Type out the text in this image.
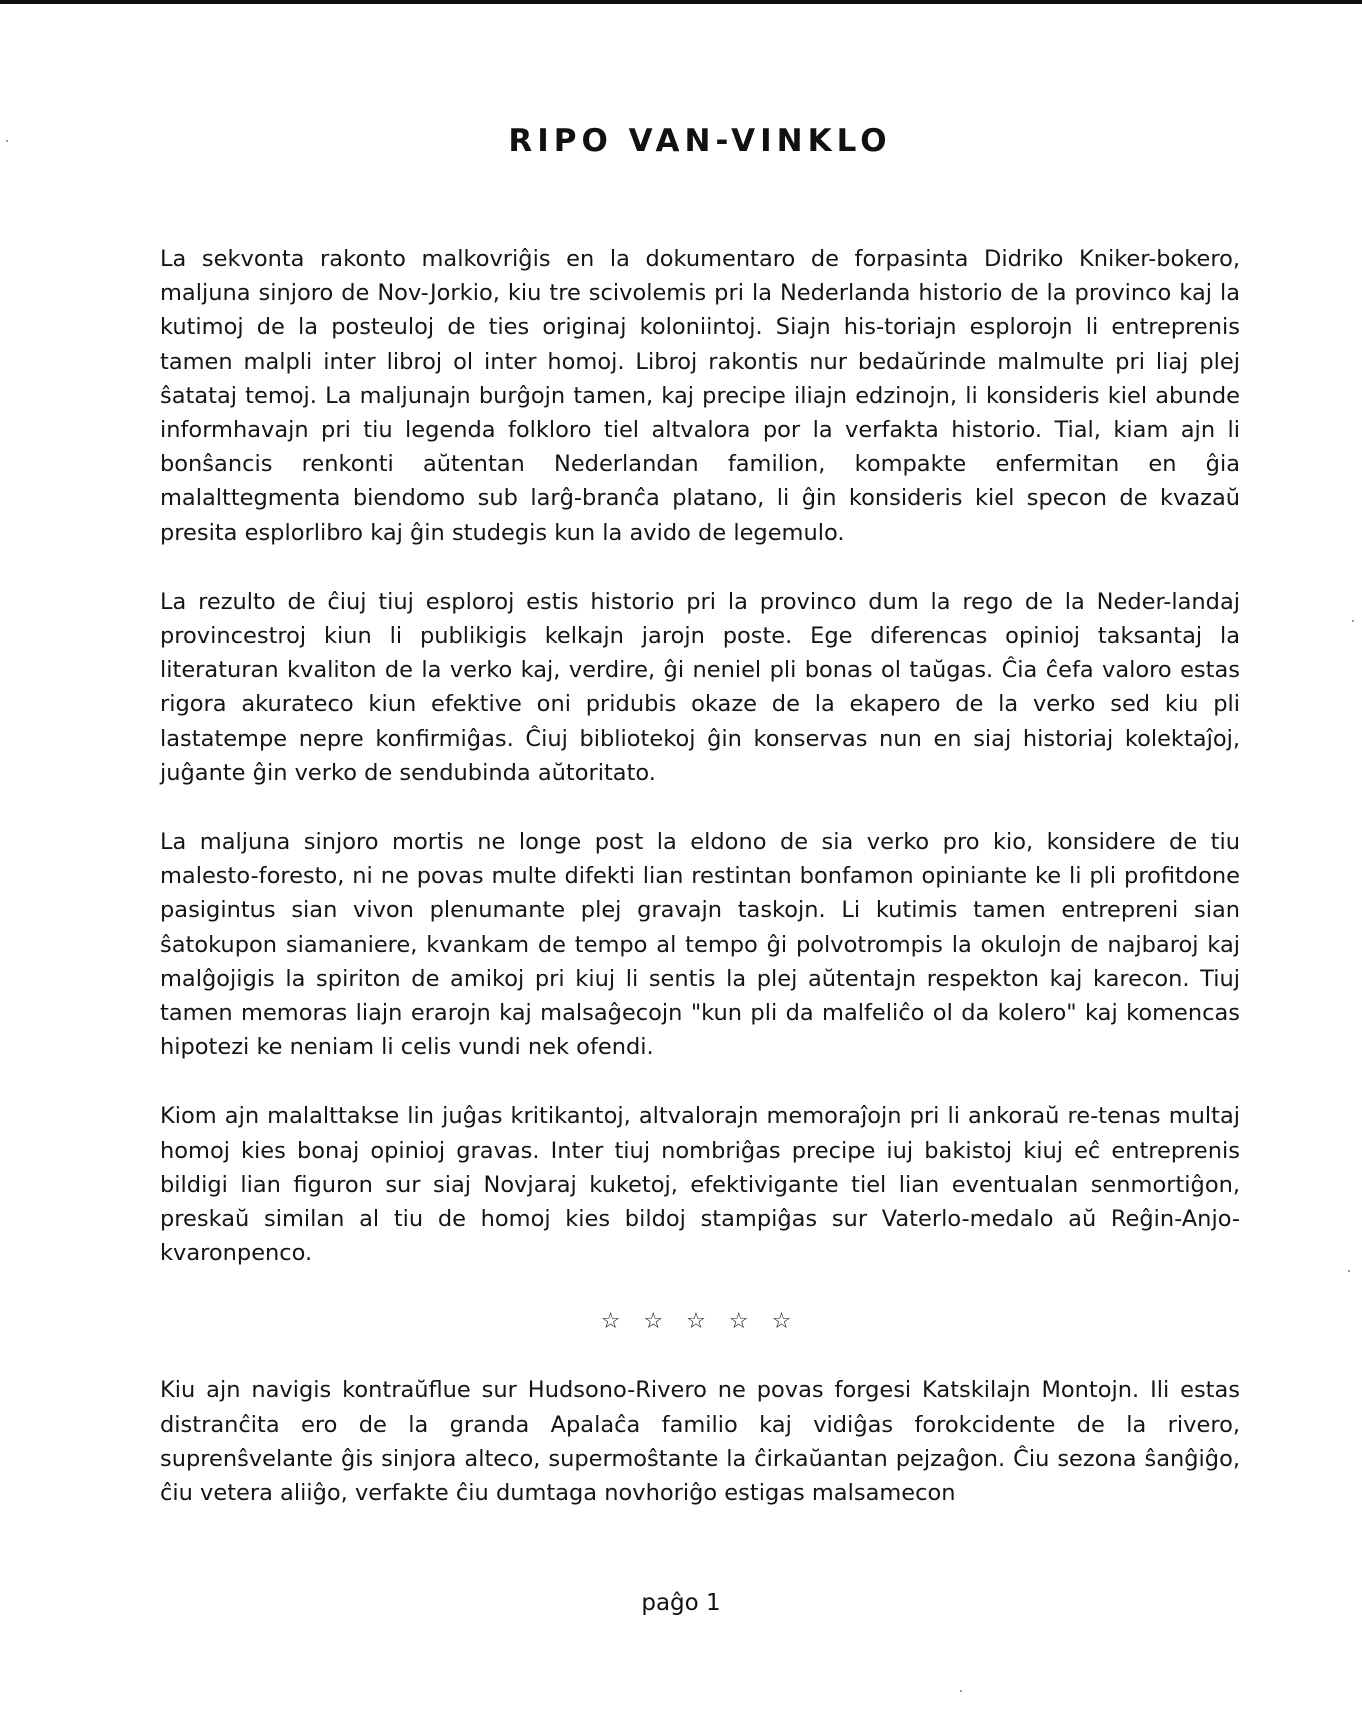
RIPO VAN-VINKLO

La sekvonta rakonto malkovriĝis en la dokumentaro de forpasinta Didriko Kniker-bokero, maljuna sinjoro de Nov-Jorkio, kiu tre scivolemis pri la Nederlanda historio de la provinco kaj la kutimoj de la posteuloj de ties originaj koloniintoj. Siajn his-toriajn esplorojn li entreprenis tamen malpli inter libroj ol inter homoj. Libroj rakontis nur bedaŭrinde malmulte pri liaj plej ŝatataj temoj. La maljunajn burĝojn tamen, kaj precipe iliajn edzinojn, li konsideris kiel abunde informhavajn pri tiu legenda folkloro tiel altvalora por la verfakta historio. Tial, kiam ajn li bonŝancis renkonti aŭtentan Nederlandan familion, kompakte enfermitan en ĝia malalttegmenta biendomo sub larĝ-branĉa platano, li ĝin konsideris kiel specon de kvazaŭ presita esplorlibro kaj ĝin studegis kun la avido de legemulo.

La rezulto de ĉiuj tiuj esploroj estis historio pri la provinco dum la rego de la Neder-landaj provincestroj kiun li publikigis kelkajn jarojn poste. Ege diferencas opinioj taksantaj la literaturan kvaliton de la verko kaj, verdire, ĝi neniel pli bonas ol taŭgas. Ĉia ĉefa valoro estas rigora akurateco kiun efektive oni pridubis okaze de la ekapero de la verko sed kiu pli lastatempe nepre konfirmiĝas. Ĉiuj bibliotekoj ĝin konservas nun en siaj historiaj kolektaĵoj, juĝante ĝin verko de sendubinda aŭtoritato.

La maljuna sinjoro mortis ne longe post la eldono de sia verko pro kio, konsidere de tiu malesto-foresto, ni ne povas multe difekti lian restintan bonfamon opiniante ke li pli profitdone pasigintus sian vivon plenumante plej gravajn taskojn. Li kutimis tamen entrepreni sian ŝatokupon siamaniere, kvankam de tempo al tempo ĝi polvotrompis la okulojn de najbaroj kaj malĝojigis la spiriton de amikoj pri kiuj li sentis la plej aŭtentajn respekton kaj karecon. Tiuj tamen memoras liajn erarojn kaj malsaĝecojn "kun pli da malfeliĉo ol da kolero" kaj komencas hipotezi ke neniam li celis vundi nek ofendi.

Kiom ajn malalttakse lin juĝas kritikantoj, altvalorajn memoraĵojn pri li ankoraŭ re-tenas multaj homoj kies bonaj opinioj gravas. Inter tiuj nombriĝas precipe iuj bakistoj kiuj eĉ entreprenis bildigi lian figuron sur siaj Novjaraj kuketoj, efektivigante tiel lian eventualan senmortiĝon, preskaŭ similan al tiu de homoj kies bildoj stampiĝas sur Vaterlo-medalo aŭ Reĝin-Anjo-kvaronpenco.

☆ ☆ ☆ ☆ ☆

Kiu ajn navigis kontraŭflue sur Hudsono-Rivero ne povas forgesi Katskilajn Montojn. Ili estas distranĉita ero de la granda Apalaĉa familio kaj vidiĝas forokcidente de la rivero, suprenŝvelante ĝis sinjora alteco, supermoŝtante la ĉirkaŭantan pejzaĝon. Ĉiu sezona ŝanĝiĝo, ĉiu vetera aliiĝo, verfakte ĉiu dumtaga novhoriĝo estigas malsamecon

paĝo 1
